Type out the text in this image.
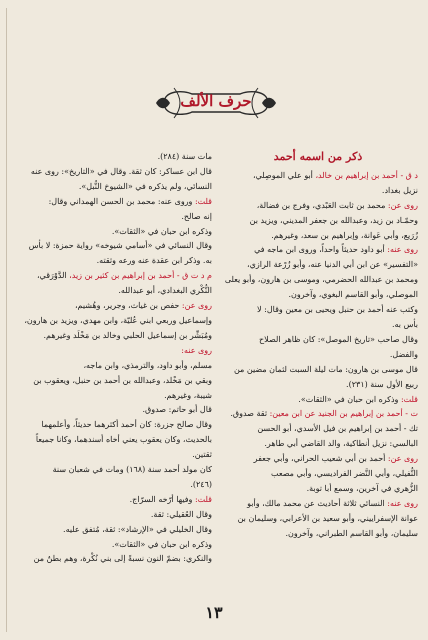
حرف الألف
ذكر من اسمه أحمد
د ق - أحمد بن إبراهيم بن خالد، أبو علي الموصِلي،
نزيل بغداد.
روى عن: محمد بن ثابت العَبْدي، وفرج بن فضالة،
وحمّـاد بن زيد، وعبدالله بن جعفر المديني، ويزيد بن
زُرَيع، وأبي عَوانة، وإبراهيم بن سعد، وغيرهم.
روى عنه: أبو داود حديثاً واحداً، وروى ابن ماجه في
«التفسير» عن ابن أبي الدنيا عنه، وأبو زُرْعة الرازي،
ومحمد بن عبدالله الحضرمي، وموسى بن هارون، وأبو يعلى
الموصلي، وأبو القاسم البغوي، وآخرون.
وكتب عنه أحمد بن حنبل ويحيى بن معين وقال: لا
بأس به.
وقال صاحب «تاريخ الموصل»: كان ظاهر الصلاح
والفضل.
قال موسى بن هارون: مات ليلة السبت لثمان مضين من
ربيع الأول سنة (٢٣١).
قلت: وذكره ابن حبان في «الثقات».
ت - أحمد بن إبراهيم بن الجنيد عن ابن معين: ثقة صدوق.
تك - أحمد بن إبراهيم بن فيل الأسدي، أبو الحسن
البالسي: نزيل أنطاكية، والد القاضي أبي طاهر.
روى عن: أحمد بن أبي شعيب الحراني، وأبي جعفر
النُّفيلي، وأبي النَّضر الفراديسي، وأبي مصعب
الزُّهري في آخرين، وسمع أبا توبة.
روى عنه: النسائي ثلاثة أحاديث عن محمد مالك، وأبو
عوانة الإسفراييني، وأبو سعيد بن الأعرابي، وسليمان بن
سليمان، وأبو القاسم الطبراني، وآخرون.
مات سنة (٢٨٤).
قال ابن عساكر: كان ثقة. وقال في «التاريخ»: روى عنه
النسائي، ولم يذكره في «الشيوخ النُّبل».
قلت: وروى عنه: محمد بن الحسن الهمداني وقال:
إنه صالح.
وذكره ابن حبان في «الثقات».
وقال النسائي في «أسامي شيوخه» رواية حمزة: لا بأس
به. وذكر ابن عقدة عنه ورعه وثقته.
م د ت ق - أحمد بن إبراهيم بن كثير بن زيد، الدَّوْرَقي،
النُّكْري البغدادي، أبو عبدالله.
روى عن: حفص بن غياث، وجرير، وهُشيم،
وإسماعيل وربعي ابني عُليّة، وابن مهدي، ويزيد بن هارون،
ومُبَشِّر بن إسماعيل الحلبي وخالد بن مَخْلَد وغيرهم.
روى عنه:
مسلم، وأبو داود، والترمذي، وابن ماجه،
وبقي بن مَخْلد، وعبدالله بن أحمد بن حنبل، ويعقوب بن
شيبة، وغيرهم.
قال أبو حاتم: صدوق.
وقال صالح جزرة: كان أحمد أكثرهما حديثاً، وأعلمهما
بالحديث، وكان يعقوب يعني أخاه أسندهما، وكانا جميعاً
ثقتين.
كان مولد أحمد سنة (١٦٨) ومات في شعبان سنة
(٢٤٦).
قلت: وفيها أرّخه السرّاج.
وقال العُقيلي: ثقة.
وقال الخليلي في «الإرشاد»: ثقة، مُتفق عليه.
وذكره ابن حبان في «الثقات».
والنكري: بضمّ النون نسبةً إلى بني نُكْرة، وهم بطنٌ من
١٣
